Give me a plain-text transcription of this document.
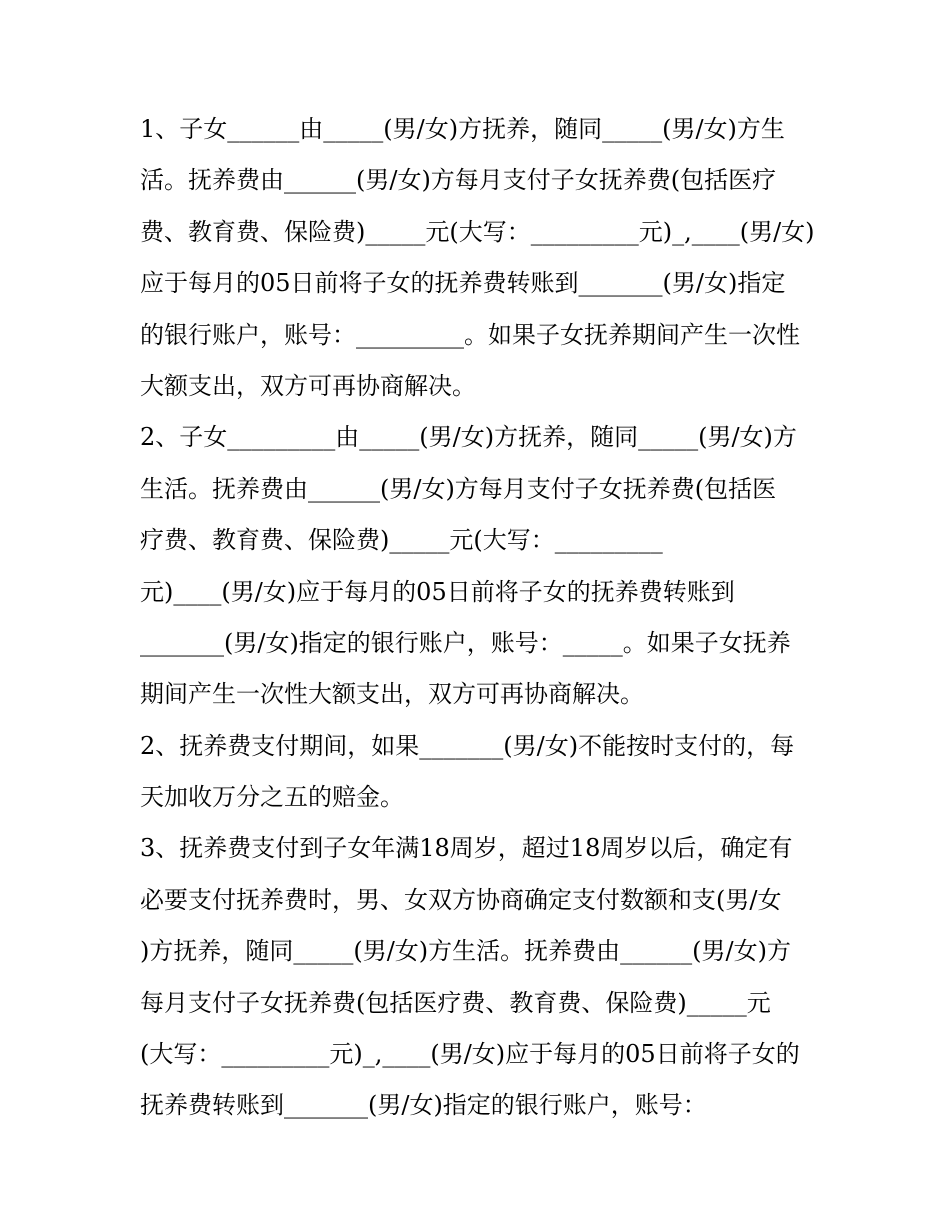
1、子女______由_____(男/女)方抚养，随同_____(男/女)方生
活。抚养费由______(男/女)方每月支付子女抚养费(包括医疗
费、教育费、保险费)_____元(大写：_________元)_,____(男/女)
应于每月的05日前将子女的抚养费转账到_______(男/女)指定
的银行账户，账号：_________。如果子女抚养期间产生一次性
大额支出，双方可再协商解决。
2、子女_________由_____(男/女)方抚养，随同_____(男/女)方
生活。抚养费由______(男/女)方每月支付子女抚养费(包括医
疗费、教育费、保险费)_____元(大写：_________
元)____(男/女)应于每月的05日前将子女的抚养费转账到
_______(男/女)指定的银行账户，账号：_____。如果子女抚养
期间产生一次性大额支出，双方可再协商解决。
2、抚养费支付期间，如果_______(男/女)不能按时支付的，每
天加收万分之五的赔金。
3、抚养费支付到子女年满18周岁，超过18周岁以后，确定有
必要支付抚养费时，男、女双方协商确定支付数额和支(男/女
)方抚养，随同_____(男/女)方生活。抚养费由______(男/女)方
每月支付子女抚养费(包括医疗费、教育费、保险费)_____元
(大写：_________元)_,____(男/女)应于每月的05日前将子女的
抚养费转账到_______(男/女)指定的银行账户，账号：
